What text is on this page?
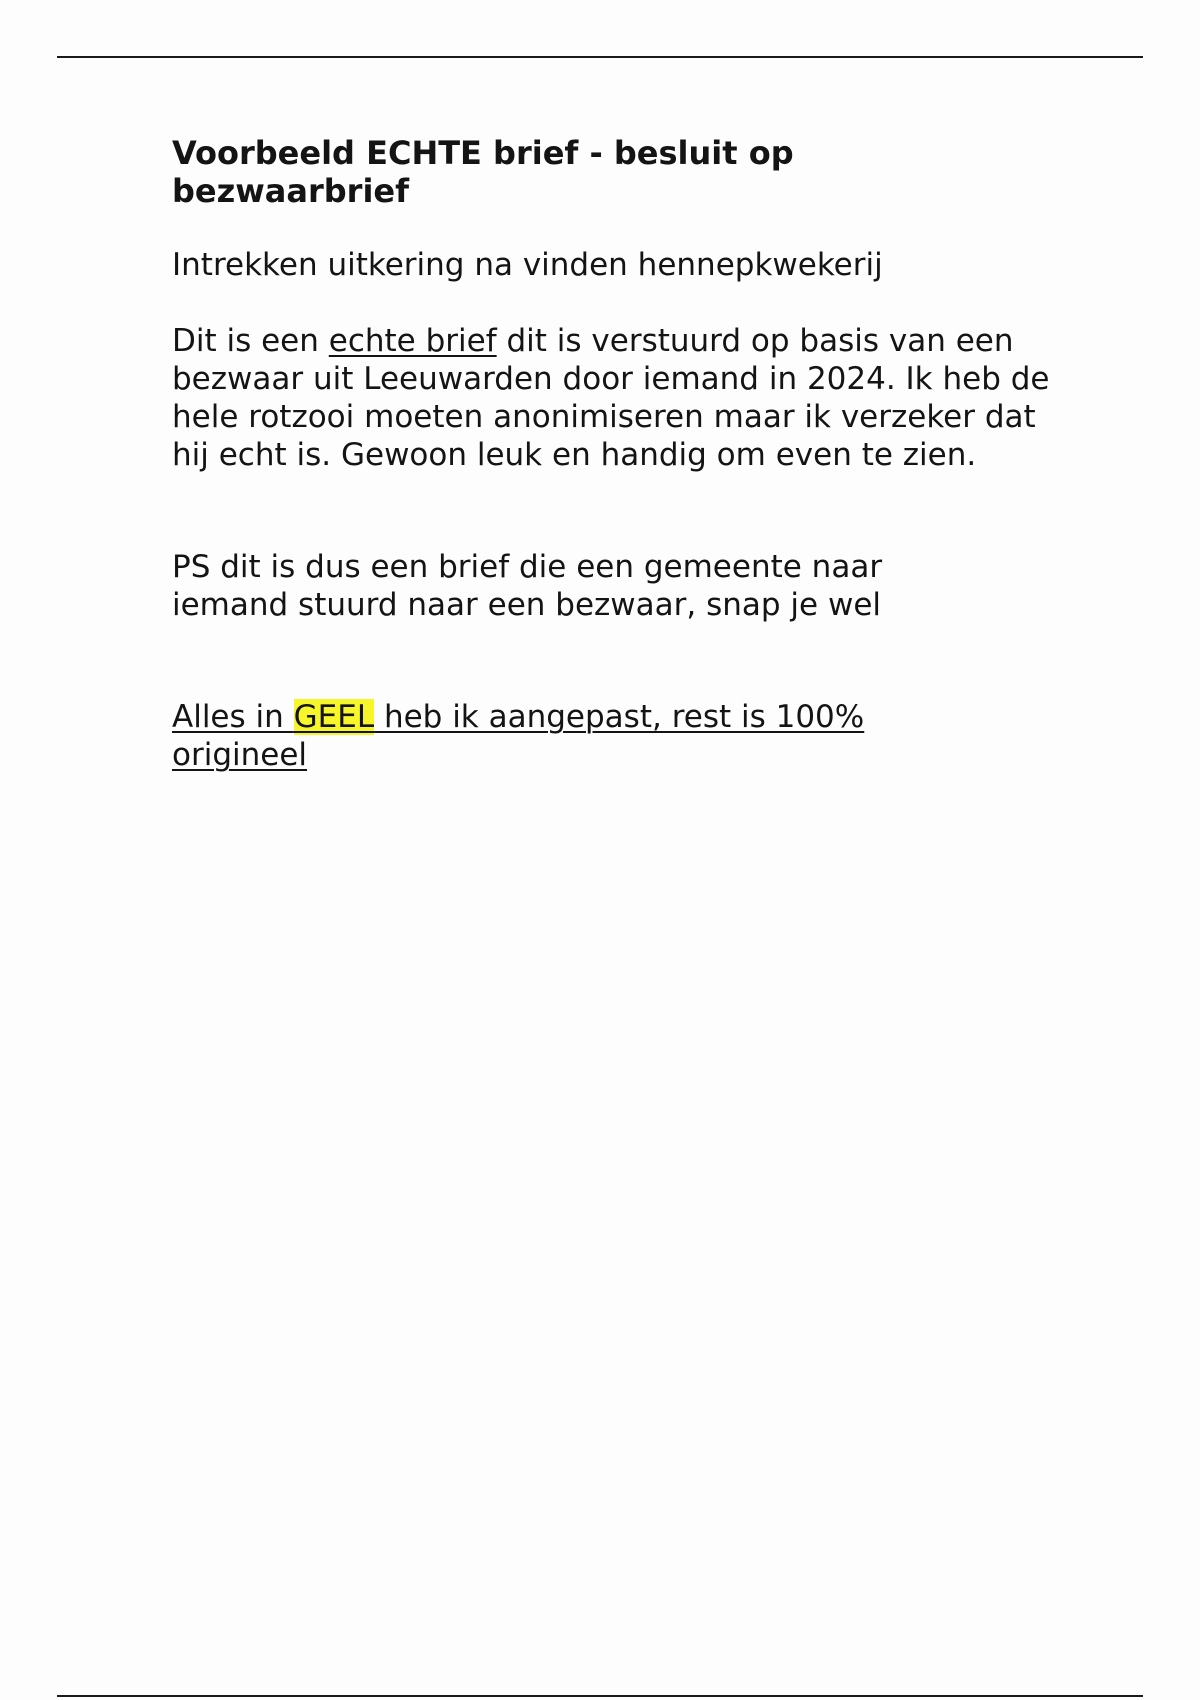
Voorbeeld ECHTE brief - besluit op bezwaarbrief

Intrekken uitkering na vinden hennepkwekerij

Dit is een echte brief dit is verstuurd op basis van een bezwaar uit Leeuwarden door iemand in 2024. Ik heb de hele rotzooi moeten anonimiseren maar ik verzeker dat hij echt is. Gewoon leuk en handig om even te zien.

PS dit is dus een brief die een gemeente naar iemand stuurd naar een bezwaar, snap je wel

Alles in GEEL heb ik aangepast, rest is 100% origineel
